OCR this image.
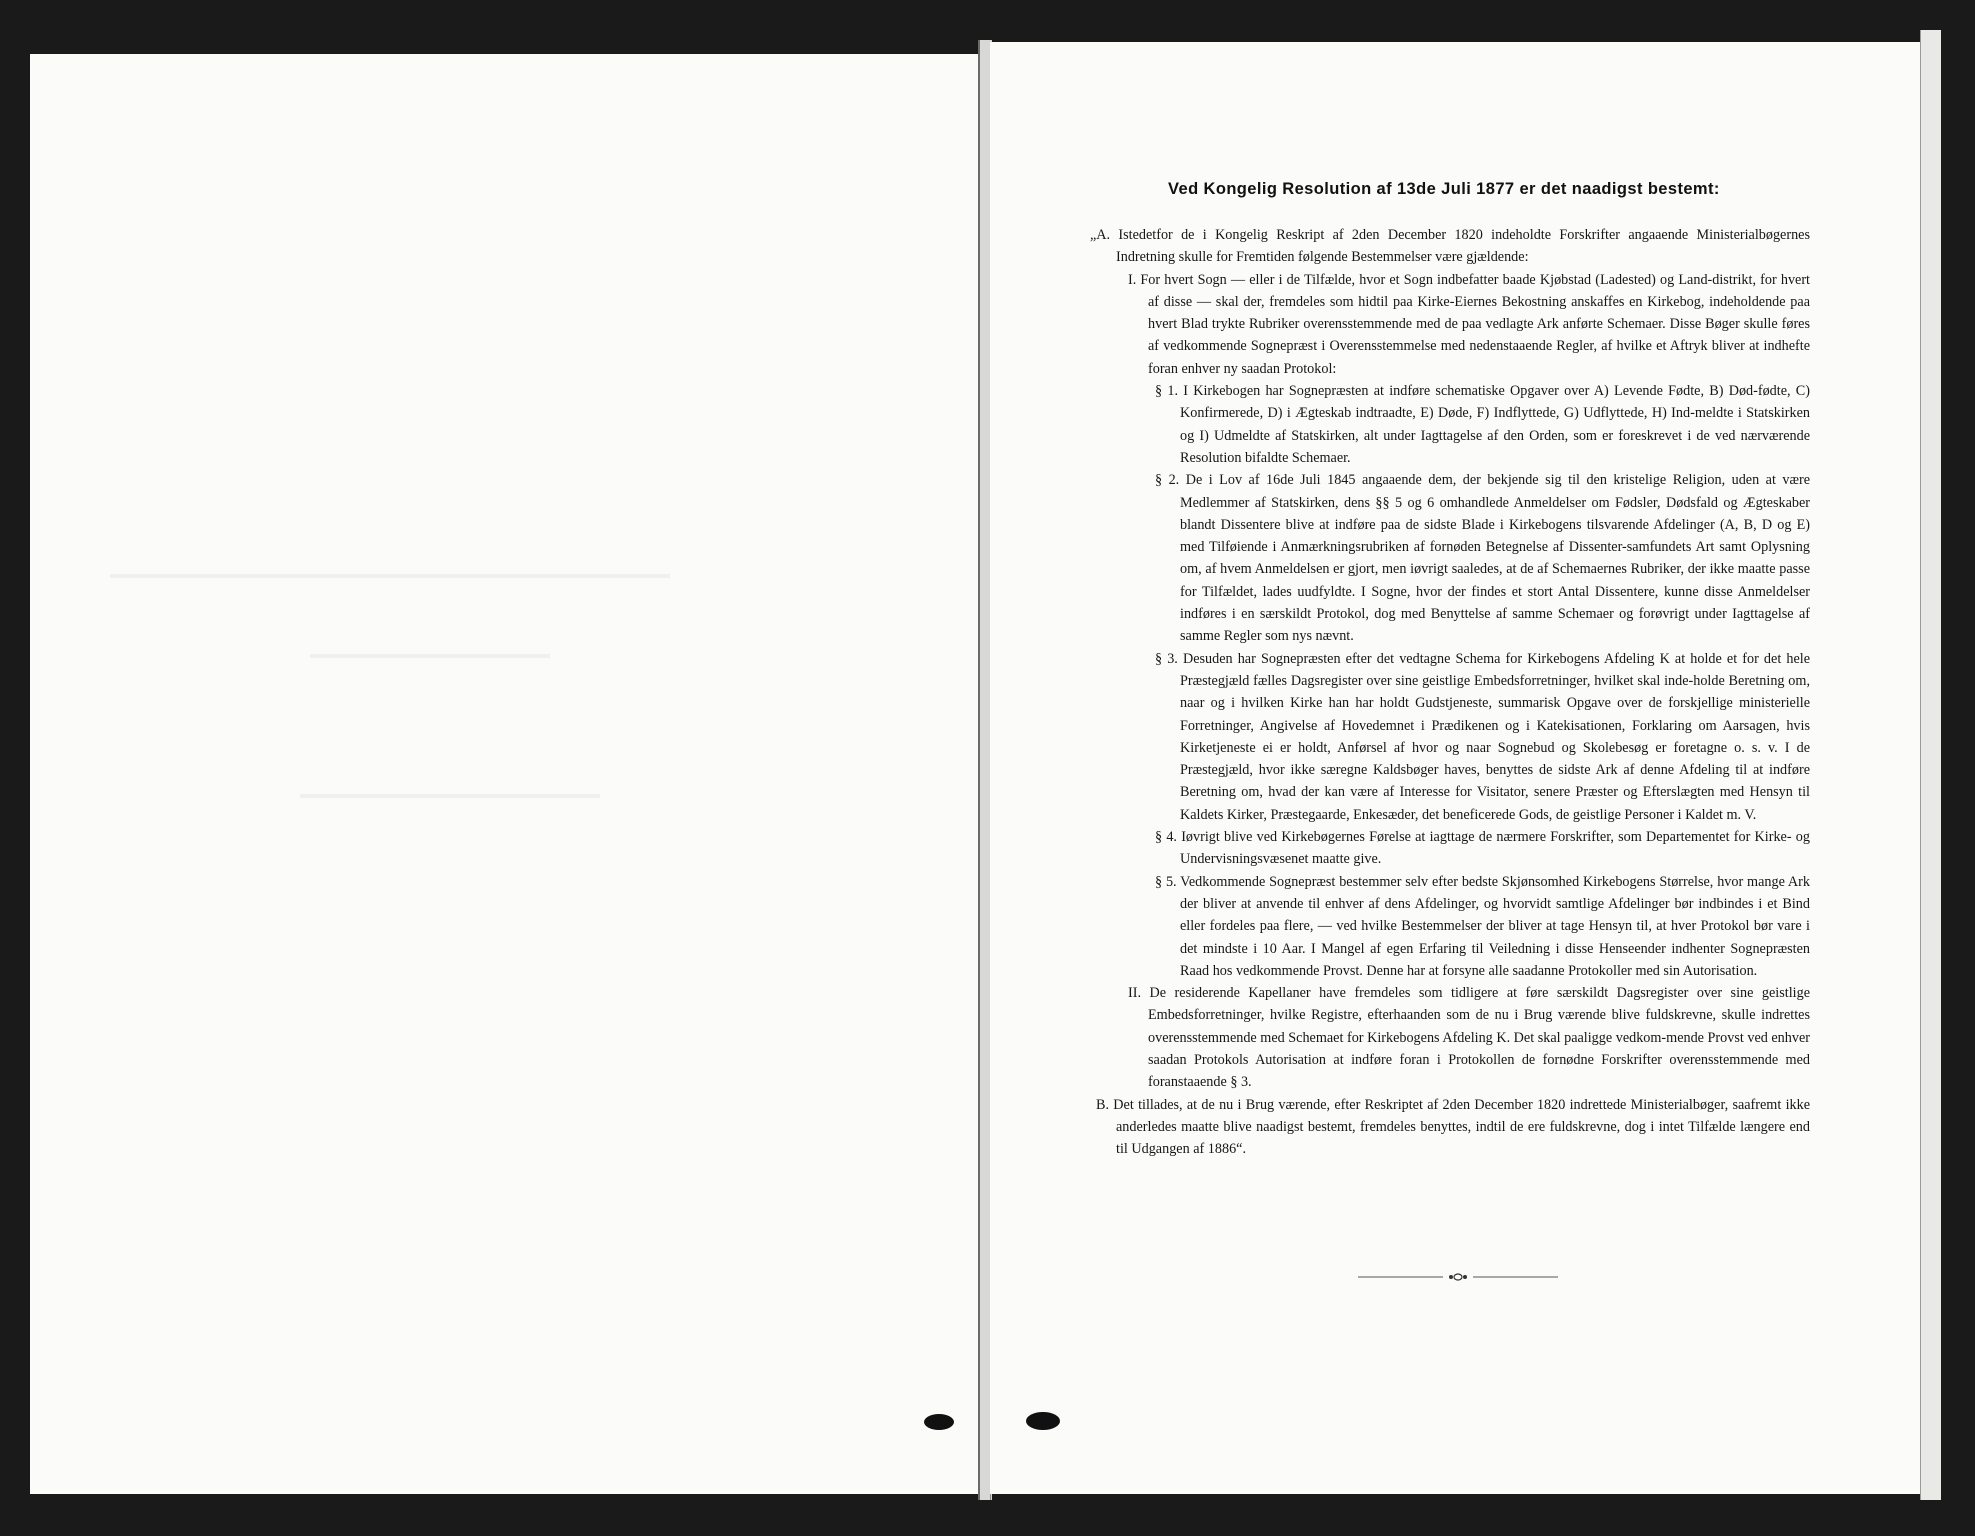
Ved Kongelig Resolution af 13de Juli 1877 er det naadigst bestemt:

„A. Istedetfor de i Kongelig Reskript af 2den December 1820 indeholdte Forskrifter angaaende Ministerialbøgernes Indretning skulle for Fremtiden følgende Bestemmelser være gjældende:

I. For hvert Sogn — eller i de Tilfælde, hvor et Sogn indbefatter baade Kjøbstad (Ladested) og Land-distrikt, for hvert af disse — skal der, fremdeles som hidtil paa Kirke-Eiernes Bekostning anskaffes en Kirkebog, indeholdende paa hvert Blad trykte Rubriker overensstemmende med de paa vedlagte Ark anførte Schemaer. Disse Bøger skulle føres af vedkommende Sognepræst i Overensstemmelse med nedenstaaende Regler, af hvilke et Aftryk bliver at indhefte foran enhver ny saadan Protokol:

§ 1. I Kirkebogen har Sognepræsten at indføre schematiske Opgaver over A) Levende Fødte, B) Død-fødte, C) Konfirmerede, D) i Ægteskab indtraadte, E) Døde, F) Indflyttede, G) Udflyttede, H) Ind-meldte i Statskirken og I) Udmeldte af Statskirken, alt under Iagttagelse af den Orden, som er foreskrevet i de ved nærværende Resolution bifaldte Schemaer.

§ 2. De i Lov af 16de Juli 1845 angaaende dem, der bekjende sig til den kristelige Religion, uden at være Medlemmer af Statskirken, dens §§ 5 og 6 omhandlede Anmeldelser om Fødsler, Dødsfald og Ægteskaber blandt Dissentere blive at indføre paa de sidste Blade i Kirkebogens tilsvarende Afdelinger (A, B, D og E) med Tilføiende i Anmærkningsrubriken af fornøden Betegnelse af Dissenter-samfundets Art samt Oplysning om, af hvem Anmeldelsen er gjort, men iøvrigt saaledes, at de af Schemaernes Rubriker, der ikke maatte passe for Tilfældet, lades uudfyldte. I Sogne, hvor der findes et stort Antal Dissentere, kunne disse Anmeldelser indføres i en særskildt Protokol, dog med Benyttelse af samme Schemaer og forøvrigt under Iagttagelse af samme Regler som nys nævnt.

§ 3. Desuden har Sognepræsten efter det vedtagne Schema for Kirkebogens Afdeling K at holde et for det hele Præstegjæld fælles Dagsregister over sine geistlige Embedsforretninger, hvilket skal inde-holde Beretning om, naar og i hvilken Kirke han har holdt Gudstjeneste, summarisk Opgave over de forskjellige ministerielle Forretninger, Angivelse af Hovedemnet i Prædikenen og i Katekisationen, Forklaring om Aarsagen, hvis Kirketjeneste ei er holdt, Anførsel af hvor og naar Sognebud og Skolebesøg er foretagne o. s. v. I de Præstegjæld, hvor ikke særegne Kaldsbøger haves, benyttes de sidste Ark af denne Afdeling til at indføre Beretning om, hvad der kan være af Interesse for Visitator, senere Præster og Efterslægten med Hensyn til Kaldets Kirker, Præstegaarde, Enkesæder, det beneficerede Gods, de geistlige Personer i Kaldet m. V.

§ 4. Iøvrigt blive ved Kirkebøgernes Førelse at iagttage de nærmere Forskrifter, som Departementet for Kirke- og Undervisningsvæsenet maatte give.

§ 5. Vedkommende Sognepræst bestemmer selv efter bedste Skjønsomhed Kirkebogens Størrelse, hvor mange Ark der bliver at anvende til enhver af dens Afdelinger, og hvorvidt samtlige Afdelinger bør indbindes i et Bind eller fordeles paa flere, — ved hvilke Bestemmelser der bliver at tage Hensyn til, at hver Protokol bør vare i det mindste i 10 Aar. I Mangel af egen Erfaring til Veiledning i disse Henseender indhenter Sognepræsten Raad hos vedkommende Provst. Denne har at forsyne alle saadanne Protokoller med sin Autorisation.

II. De residerende Kapellaner have fremdeles som tidligere at føre særskildt Dagsregister over sine geistlige Embedsforretninger, hvilke Registre, efterhaanden som de nu i Brug værende blive fuldskrevne, skulle indrettes overensstemmende med Schemaet for Kirkebogens Afdeling K. Det skal paaligge vedkom-mende Provst ved enhver saadan Protokols Autorisation at indføre foran i Protokollen de fornødne Forskrifter overensstemmende med foranstaaende § 3.

B. Det tillades, at de nu i Brug værende, efter Reskriptet af 2den December 1820 indrettede Ministerialbøger, saafremt ikke anderledes maatte blive naadigst bestemt, fremdeles benyttes, indtil de ere fuldskrevne, dog i intet Tilfælde længere end til Udgangen af 1886“.
